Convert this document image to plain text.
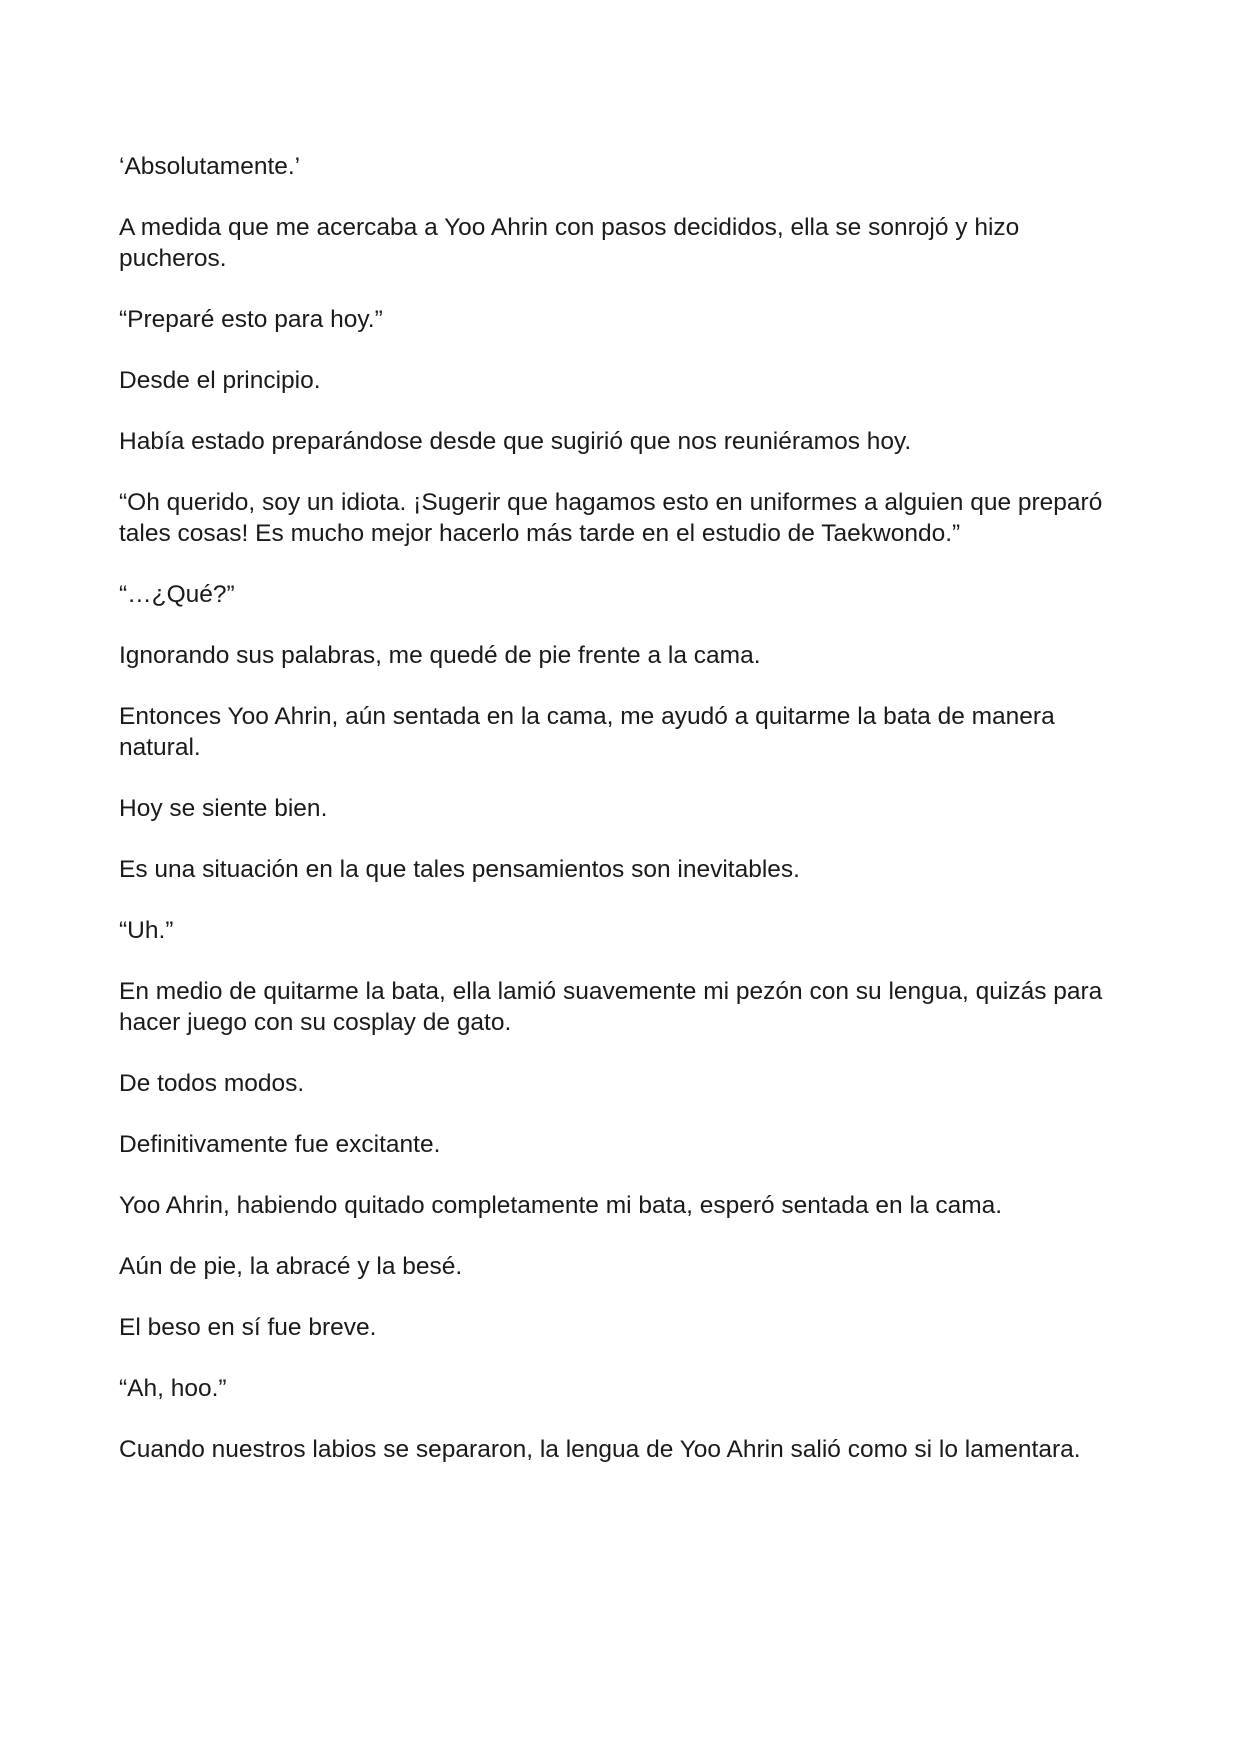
‘Absolutamente.’

A medida que me acercaba a Yoo Ahrin con pasos decididos, ella se sonrojó y hizo pucheros.

“Preparé esto para hoy.”

Desde el principio.

Había estado preparándose desde que sugirió que nos reuniéramos hoy.

“Oh querido, soy un idiota. ¡Sugerir que hagamos esto en uniformes a alguien que preparó tales cosas! Es mucho mejor hacerlo más tarde en el estudio de Taekwondo.”

“…¿Qué?”

Ignorando sus palabras, me quedé de pie frente a la cama.

Entonces Yoo Ahrin, aún sentada en la cama, me ayudó a quitarme la bata de manera natural.

Hoy se siente bien.

Es una situación en la que tales pensamientos son inevitables.

“Uh.”

En medio de quitarme la bata, ella lamió suavemente mi pezón con su lengua, quizás para hacer juego con su cosplay de gato.

De todos modos.

Definitivamente fue excitante.

Yoo Ahrin, habiendo quitado completamente mi bata, esperó sentada en la cama.

Aún de pie, la abracé y la besé.

El beso en sí fue breve.

“Ah, hoo.”

Cuando nuestros labios se separaron, la lengua de Yoo Ahrin salió como si lo lamentara.
